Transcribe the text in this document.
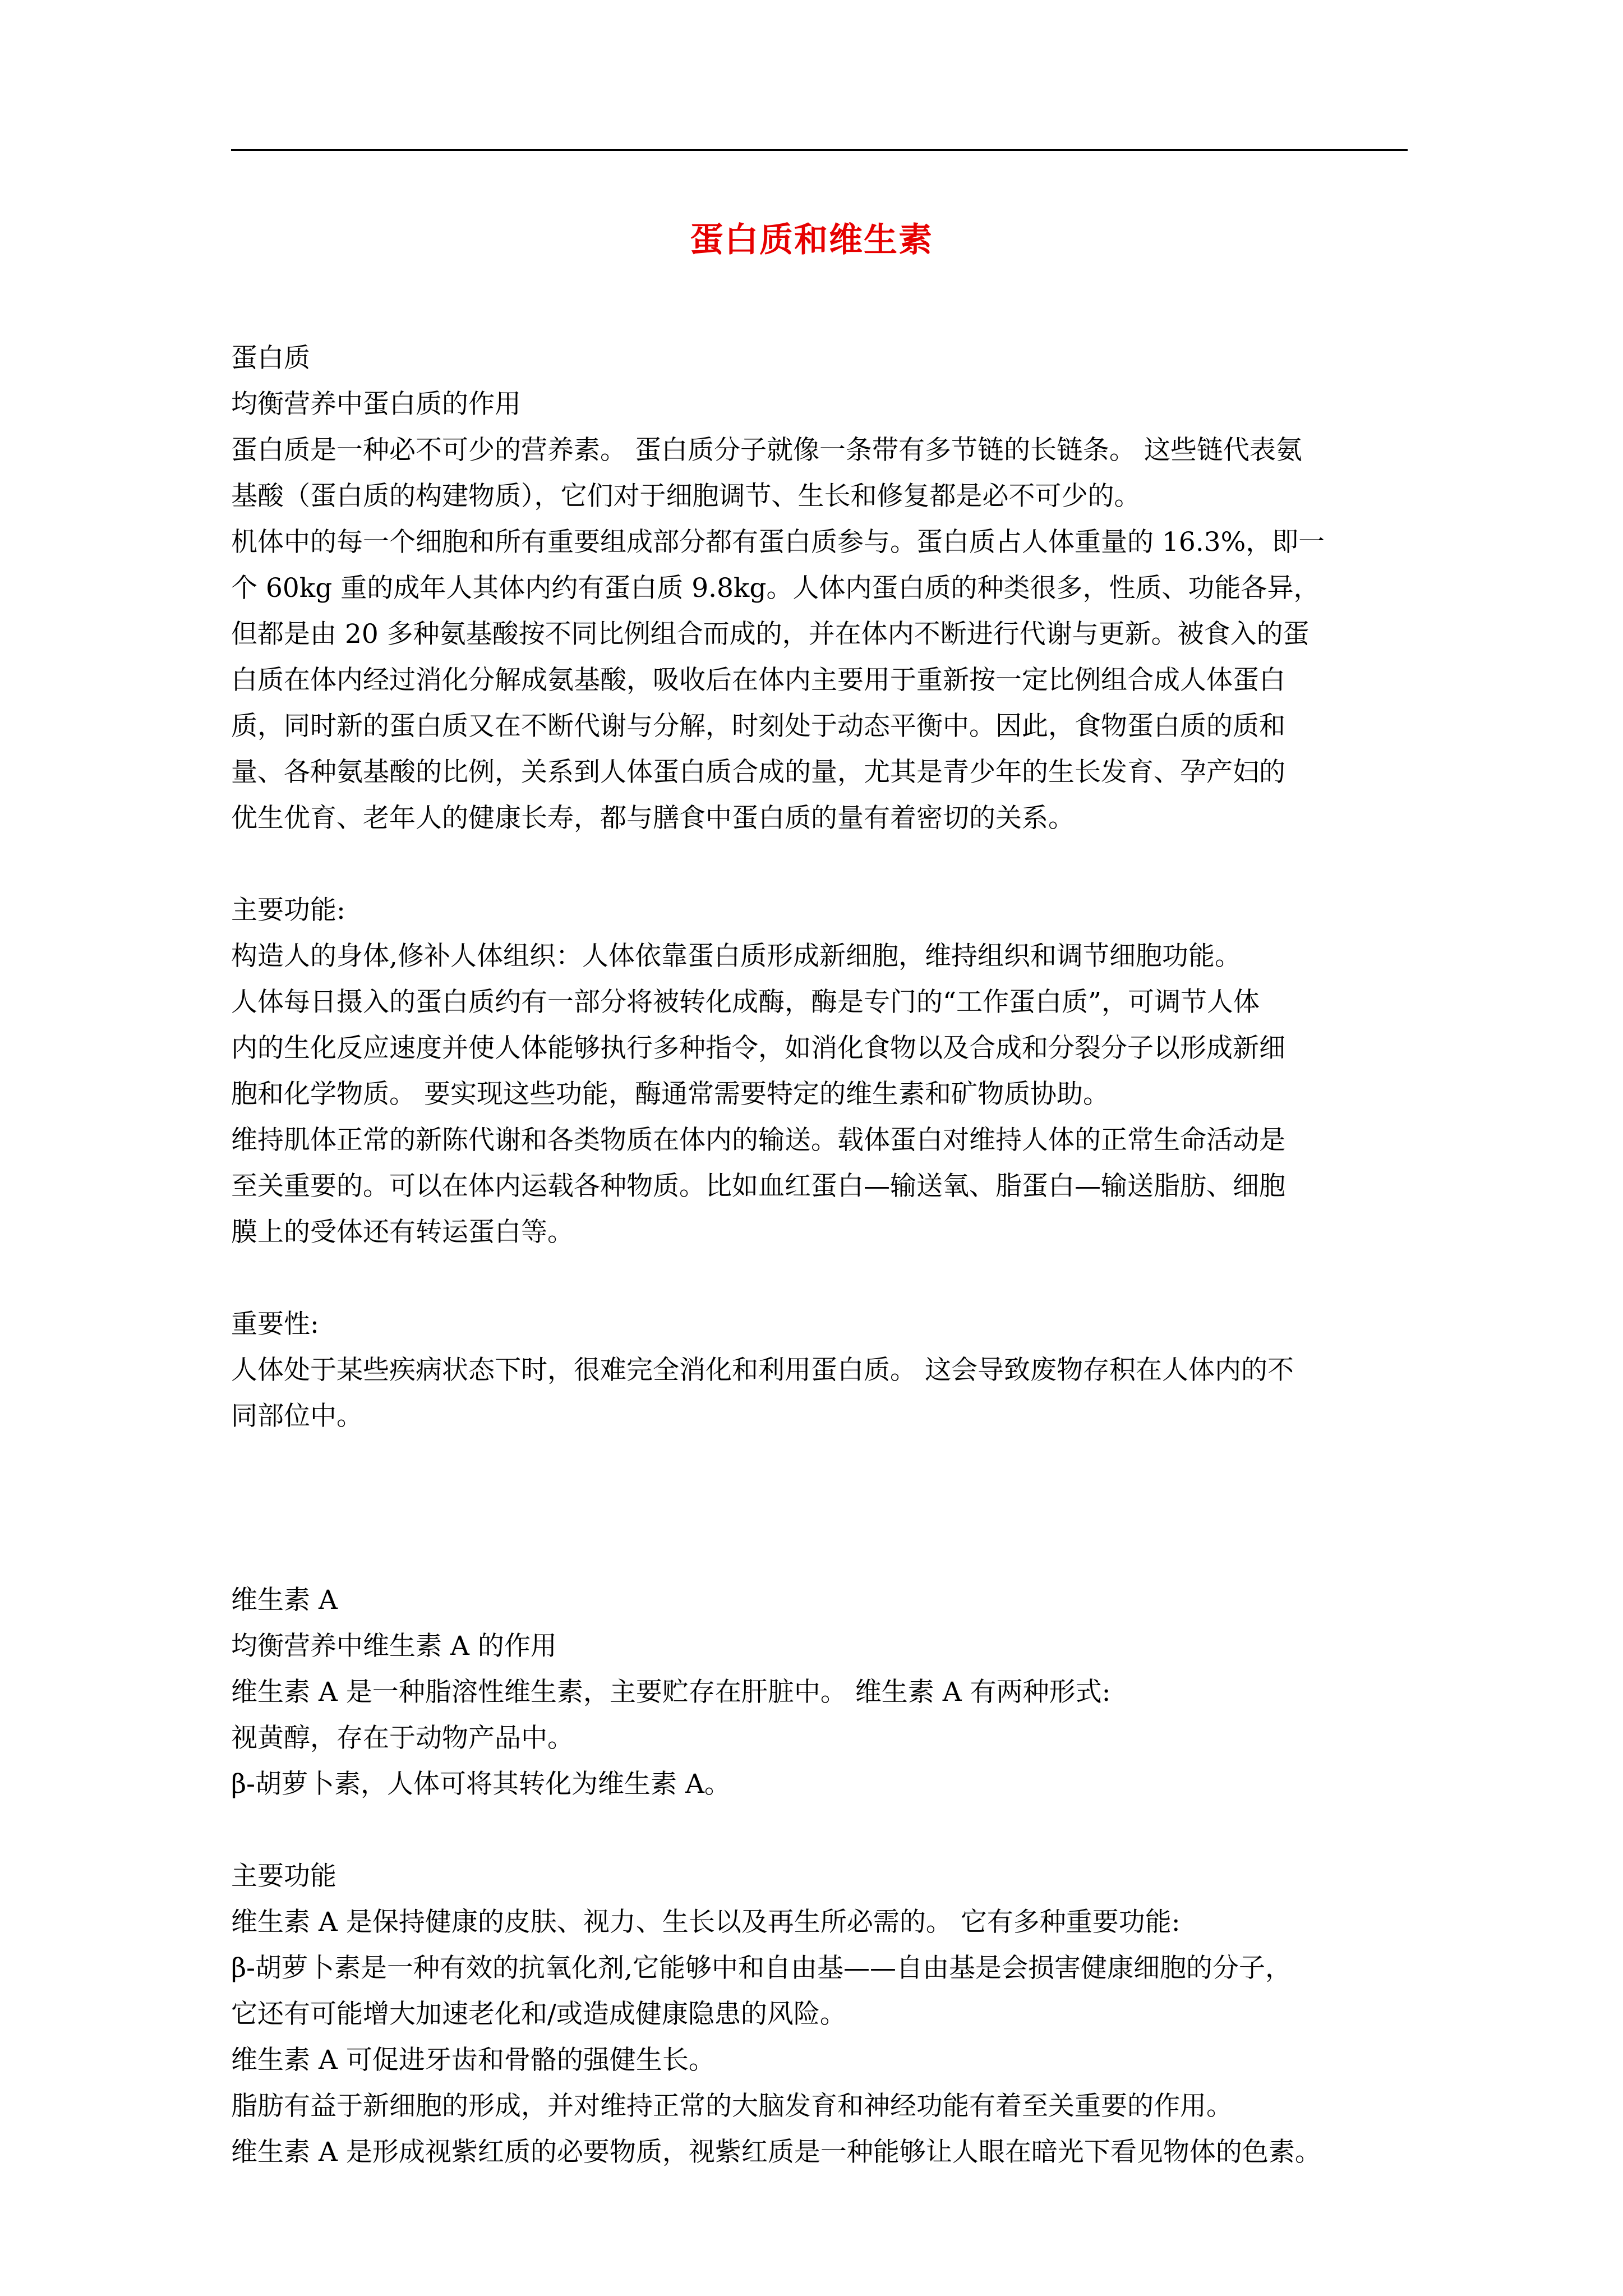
蛋白质和维生素

蛋白质

均衡营养中蛋白质的作用

蛋白质是一种必不可少的营养素。 蛋白质分子就像一条带有多节链的长链条。 这些链代表氨

基酸（蛋白质的构建物质），它们对于细胞调节、生长和修复都是必不可少的。

机体中的每一个细胞和所有重要组成部分都有蛋白质参与。蛋白质占人体重量的 16.3%，即一

个 60kg 重的成年人其体内约有蛋白质 9.8kg。人体内蛋白质的种类很多，性质、功能各异，

但都是由 20 多种氨基酸按不同比例组合而成的，并在体内不断进行代谢与更新。被食入的蛋

白质在体内经过消化分解成氨基酸，吸收后在体内主要用于重新按一定比例组合成人体蛋白

质，同时新的蛋白质又在不断代谢与分解，时刻处于动态平衡中。因此，食物蛋白质的质和

量、各种氨基酸的比例，关系到人体蛋白质合成的量，尤其是青少年的生长发育、孕产妇的

优生优育、老年人的健康长寿，都与膳食中蛋白质的量有着密切的关系。

主要功能:

构造人的身体,修补人体组织：人体依靠蛋白质形成新细胞，维持组织和调节细胞功能。

人体每日摄入的蛋白质约有一部分将被转化成酶，酶是专门的“工作蛋白质”，可调节人体

内的生化反应速度并使人体能够执行多种指令，如消化食物以及合成和分裂分子以形成新细

胞和化学物质。 要实现这些功能，酶通常需要特定的维生素和矿物质协助。

维持肌体正常的新陈代谢和各类物质在体内的输送。载体蛋白对维持人体的正常生命活动是

至关重要的。可以在体内运载各种物质。比如血红蛋白—输送氧、脂蛋白—输送脂肪、细胞

膜上的受体还有转运蛋白等。

重要性:

人体处于某些疾病状态下时，很难完全消化和利用蛋白质。 这会导致废物存积在人体内的不

同部位中。

维生素 A

均衡营养中维生素 A 的作用

维生素 A 是一种脂溶性维生素，主要贮存在肝脏中。 维生素 A 有两种形式:

视黄醇，存在于动物产品中。

β-胡萝卜素，人体可将其转化为维生素 A。

主要功能

维生素 A 是保持健康的皮肤、视力、生长以及再生所必需的。 它有多种重要功能:

β-胡萝卜素是一种有效的抗氧化剂,它能够中和自由基——自由基是会损害健康细胞的分子，

它还有可能增大加速老化和/或造成健康隐患的风险。

维生素 A 可促进牙齿和骨骼的强健生长。

脂肪有益于新细胞的形成，并对维持正常的大脑发育和神经功能有着至关重要的作用。

维生素 A 是形成视紫红质的必要物质，视紫红质是一种能够让人眼在暗光下看见物体的色素。
